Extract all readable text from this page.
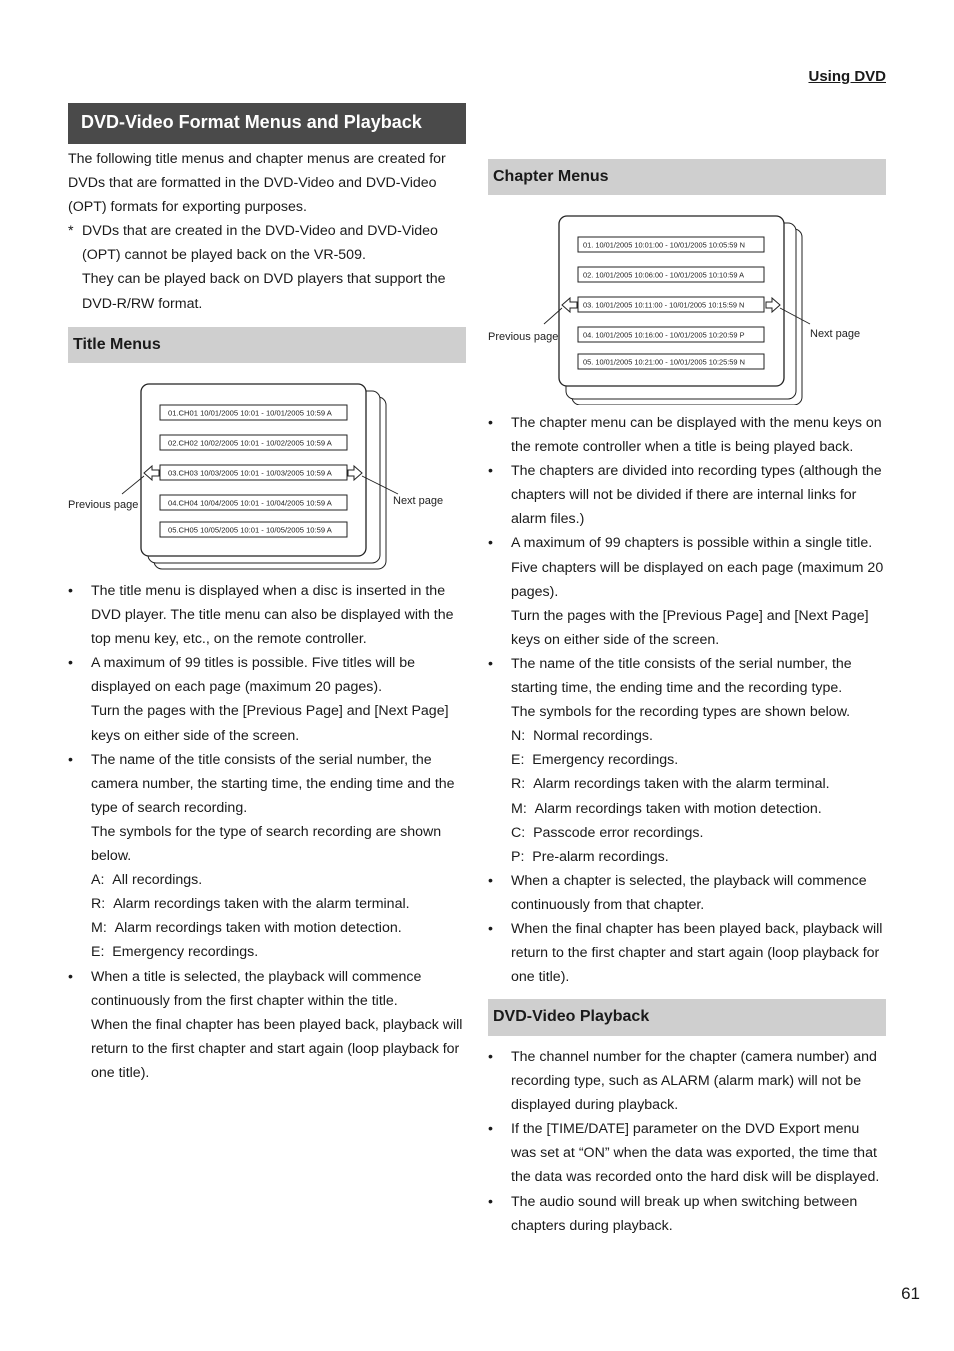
Using DVD
DVD-Video Format Menus and Playback

The following title menus and chapter menus are created for DVDs that are formatted in the DVD-Video and DVD-Video (OPT) formats for exporting purposes.

* DVDs that are created in the DVD-Video and DVD-Video (OPT) cannot be played back on the VR-509.
They can be played back on DVD players that support the DVD-R/RW format.
Title Menus
01.CH01 10/01/2005 10:01 - 10/01/2005 10:59 A
02.CH02 10/02/2005 10:01 - 10/02/2005 10:59 A
03.CH03 10/03/2005 10:01 - 10/03/2005 10:59 A
04.CH04 10/04/2005 10:01 - 10/04/2005 10:59 A
05.CH05 10/05/2005 10:01 - 10/05/2005 10:59 A
Previous page	Next page
• The title menu is displayed when a disc is inserted in the DVD player. The title menu can also be displayed with the top menu key, etc., on the remote controller.
• A maximum of 99 titles is possible. Five titles will be displayed on each page (maximum 20 pages).
Turn the pages with the [Previous Page] and [Next Page] keys on either side of the screen.
• The name of the title consists of the serial number, the camera number, the starting time, the ending time and the type of search recording.
The symbols for the type of search recording are shown below.
A:  All recordings.
R:  Alarm recordings taken with the alarm terminal.
M:  Alarm recordings taken with motion detection.
E:  Emergency recordings.
• When a title is selected, the playback will commence continuously from the first chapter within the title.
When the final chapter has been played back, playback will return to the first chapter and start again (loop playback for one title).
Chapter Menus
01. 10/01/2005 10:01:00 - 10/01/2005 10:05:59 N
02. 10/01/2005 10:06:00 - 10/01/2005 10:10:59 A
03. 10/01/2005 10:11:00 - 10/01/2005 10:15:59 N
04. 10/01/2005 10:16:00 - 10/01/2005 10:20:59 P
05. 10/01/2005 10:21:00 - 10/01/2005 10:25:59 N
Previous page	Next page
• The chapter menu can be displayed with the menu keys on the remote controller when a title is being played back.
• The chapters are divided into recording types (although the chapters will not be divided if there are internal links for alarm files.)
• A maximum of 99 chapters is possible within a single title. Five chapters will be displayed on each page (maximum 20 pages).
Turn the pages with the [Previous Page] and [Next Page] keys on either side of the screen.
• The name of the title consists of the serial number, the starting time, the ending time and the recording type.
The symbols for the recording types are shown below.
N:  Normal recordings.
E:  Emergency recordings.
R:  Alarm recordings taken with the alarm terminal.
M:  Alarm recordings taken with motion detection.
C:  Passcode error recordings.
P:  Pre-alarm recordings.
• When a chapter is selected, the playback will commence continuously from that chapter.
• When the final chapter has been played back, playback will return to the first chapter and start again (loop playback for one title).
DVD-Video Playback
• The channel number for the chapter (camera number) and recording type, such as ALARM (alarm mark) will not be displayed during playback.
• If the [TIME/DATE] parameter on the DVD Export menu was set at “ON” when the data was exported, the time that the data was recorded onto the hard disk will be displayed.
• The audio sound will break up when switching between chapters during playback.
61
